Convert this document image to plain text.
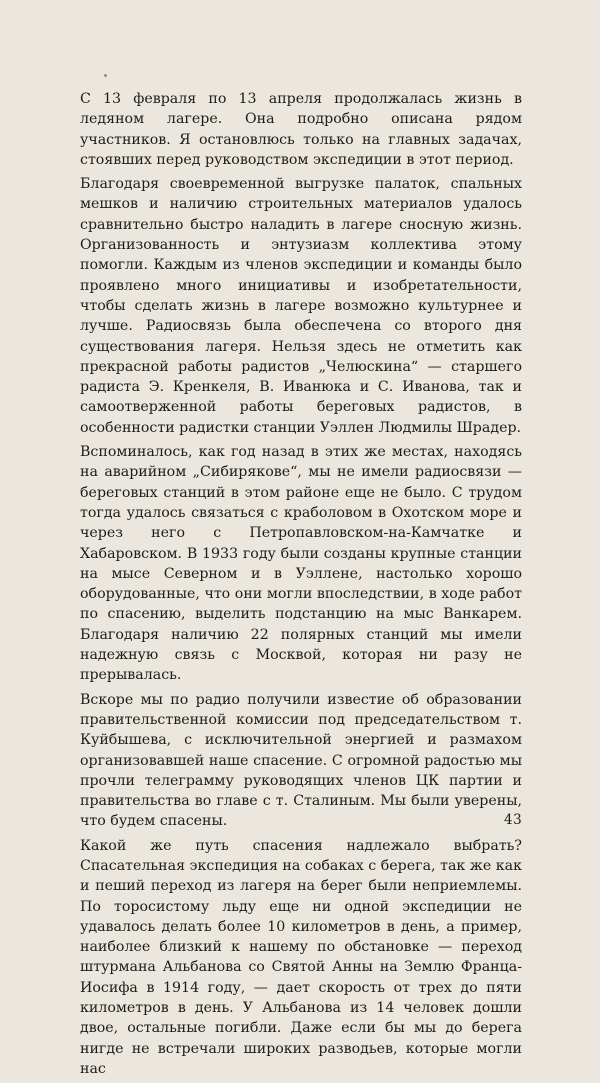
С 13 февраля по 13 апреля продолжалась жизнь в ледяном лагере. Она подробно описана рядом участников. Я остановлюсь только на главных задачах, стоявших перед руководством экспедиции в этот период.

Благодаря своевременной выгрузке палаток, спальных мешков и наличию строительных материалов удалось сравнительно быстро наладить в лагере сносную жизнь. Организованность и энтузиазм коллектива этому помогли. Каждым из членов экспедиции и команды было проявлено много инициативы и изобретательности, чтобы сделать жизнь в лагере возможно культурнее и лучше. Радиосвязь была обеспечена со второго дня существования лагеря. Нельзя здесь не отметить как прекрасной работы радистов „Челюскина“ — старшего радиста Э. Кренкеля, В. Иванюка и С. Иванова, так и самоотверженной работы береговых радистов, в особенности радистки станции Уэллен Людмилы Шрадер.

Вспоминалось, как год назад в этих же местах, находясь на аварийном „Сибирякове“, мы не имели радиосвязи — береговых станций в этом районе еще не было. С трудом тогда удалось связаться с краболовом в Охотском море и через него с Петропавловском-на-Камчатке и Хабаровском. В 1933 году были созданы крупные станции на мысе Северном и в Уэллене, настолько хорошо оборудованные, что они могли впоследствии, в ходе работ по спасению, выделить подстанцию на мыс Ванкарем. Благодаря наличию 22 полярных станций мы имели надежную связь с Москвой, которая ни разу не прерывалась.

Вскоре мы по радио получили известие об образовании правительственной комиссии под председательством т. Куйбышева, с исключительной энергией и размахом организовавшей наше спасение. С огромной радостью мы прочли телеграмму руководящих членов ЦК партии и правительства во главе с т. Сталиным. Мы были уверены, что будем спасены.

Какой же путь спасения надлежало выбрать? Спасательная экспедиция на собаках с берега, так же как и пеший переход из лагеря на берег были неприемлемы. По торосистому льду еще ни одной экспедиции не удавалось делать более 10 километров в день, а пример, наиболее близкий к нашему по обстановке — переход штурмана Альбанова со Святой Анны на Землю Франца-Иосифа в 1914 году, — дает скорость от трех до пяти километров в день. У Альбанова из 14 человек дошли двое, остальные погибли. Даже если бы мы до берега нигде не встречали широких разводьев, которые могли нас

43
